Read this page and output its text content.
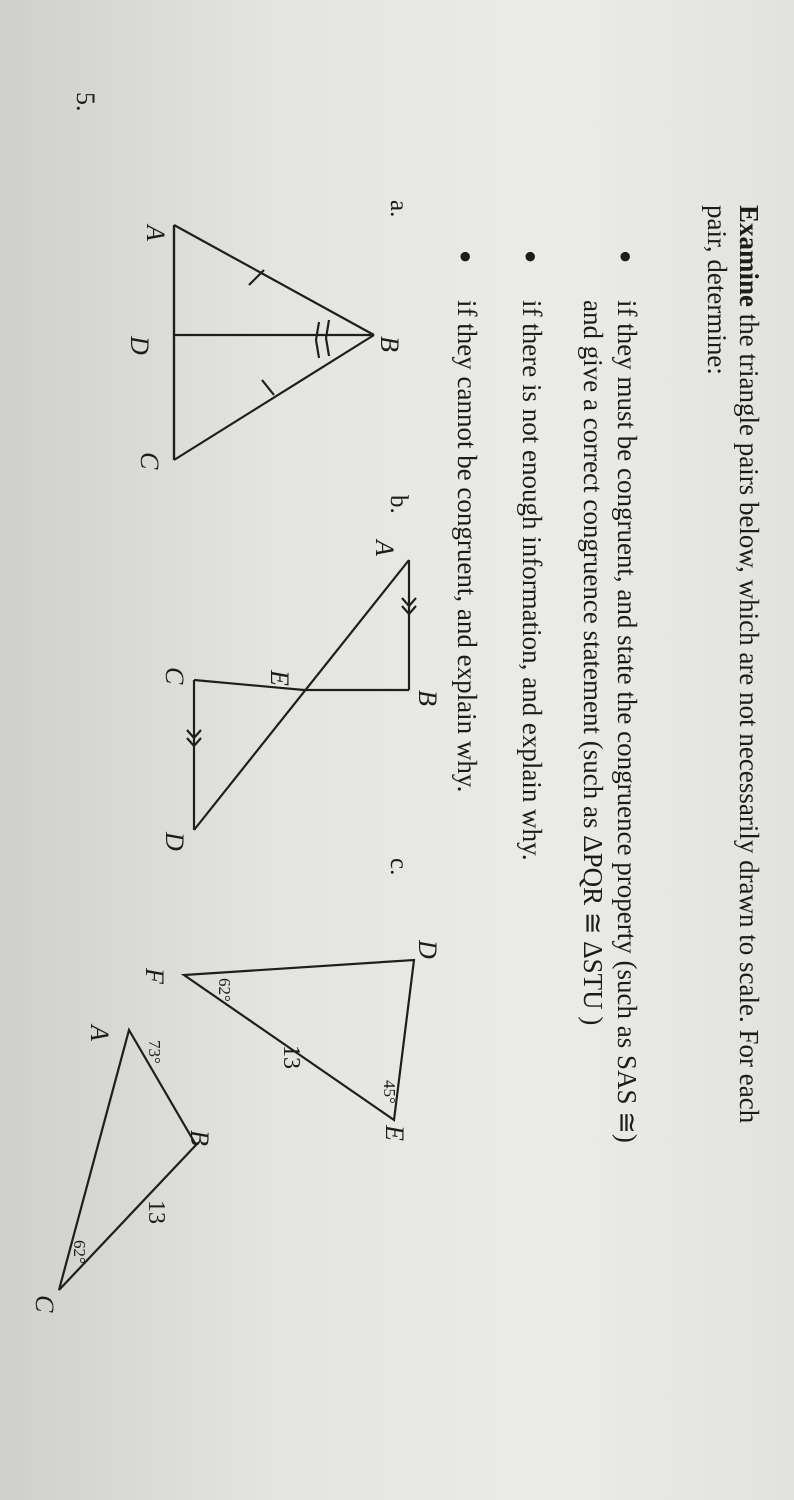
5.
Examine the triangle pairs below, which are not necessarily drawn to scale. For each
pair, determine:
●
if they must be congruent, and state the congruence property (such as SAS ≅)
and give a correct congruence statement (such as ΔPQR ≅ ΔSTU )
●
if there is not enough information, and explain why.
●
if they cannot be congruent, and explain why.
a.
A
B
C
D
b.
A
B
C
D
E
c.
D
E
F
A
B
C
62°
45°
73°
62°
13
13
